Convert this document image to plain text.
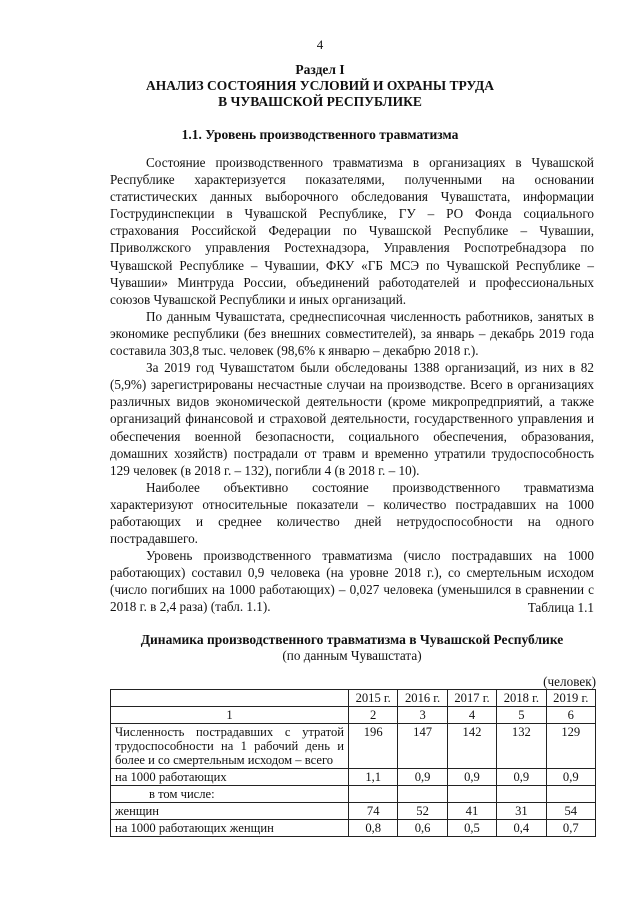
4
Раздел I
АНАЛИЗ СОСТОЯНИЯ УСЛОВИЙ И ОХРАНЫ ТРУДА
В ЧУВАШСКОЙ РЕСПУБЛИКЕ
1.1. Уровень производственного травматизма

Состояние производственного травматизма в организациях в Чувашской Республике характеризуется показателями, полученными на основании статистических данных выборочного обследования Чувашстата, информации Гострудинспекции в Чувашской Республике, ГУ – РО Фонда социального страхования Российской Федерации по Чувашской Республике – Чувашии, Приволжского управления Ростехнадзора, Управления Роспотребнадзора по Чувашской Республике – Чувашии, ФКУ «ГБ МСЭ по Чувашской Республике – Чувашии» Минтруда России, объединений работодателей и профессиональных союзов Чувашской Республики и иных организаций.

По данным Чувашстата, среднесписочная численность работников, занятых в экономике республики (без внешних совместителей), за январь – декабрь 2019 года составила 303,8 тыс. человек (98,6% к январю – декабрю 2018 г.).

За 2019 год Чувашстатом были обследованы 1388 организаций, из них в 82 (5,9%) зарегистрированы несчастные случаи на производстве. Всего в организациях различных видов экономической деятельности (кроме микропредприятий, а также организаций финансовой и страховой деятельности, государственного управления и обеспечения военной безопасности, социального обеспечения, образования, домашних хозяйств) пострадали от травм и временно утратили трудоспособность 129 человек (в 2018 г. – 132), погибли 4 (в 2018 г. – 10).

Наиболее объективно состояние производственного травматизма характеризуют относительные показатели – количество пострадавших на 1000 работающих и среднее количество дней нетрудоспособности на одного пострадавшего.

Уровень производственного травматизма (число пострадавших на 1000 работающих) составил 0,9 человека (на уровне 2018 г.), со смертельным исходом (число погибших на 1000 работающих) – 0,027 человека (уменьшился в сравнении с 2018 г. в 2,4 раза) (табл. 1.1).	Таблица 1.1
Динамика производственного травматизма в Чувашской Республике
(по данным Чувашстата)
(человек)
	2015 г.	2016 г.	2017 г.	2018 г.	2019 г.
1	2	3	4	5	6
Численность пострадавших с утратой трудоспособности на 1 рабочий день и более и со смертельным исходом – всего	196	147	142	132	129
на 1000 работающих	1,1	0,9	0,9	0,9	0,9
в том числе:					
женщин	74	52	41	31	54
на 1000 работающих женщин	0,8	0,6	0,5	0,4	0,7
